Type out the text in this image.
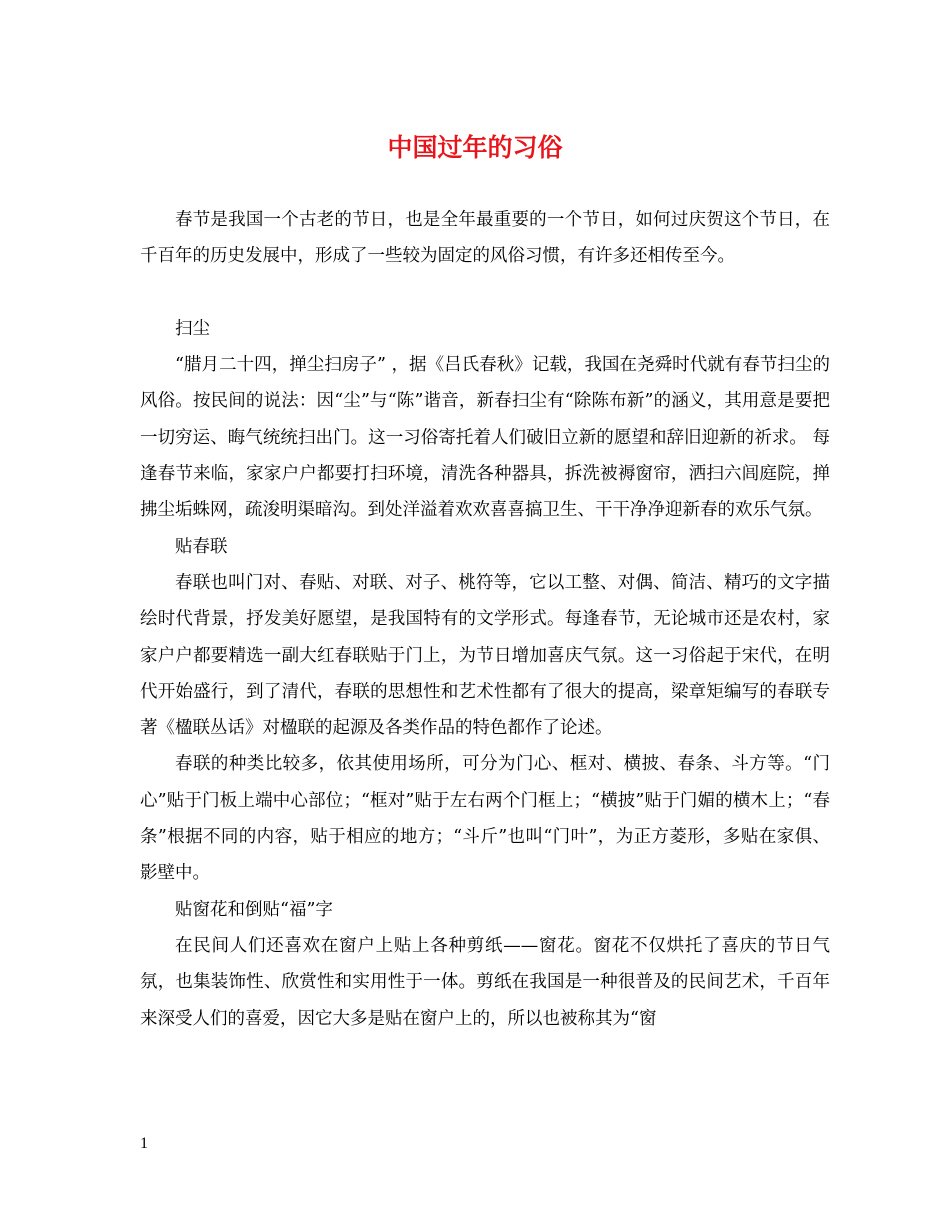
中国过年的习俗

春节是我国一个古老的节日，也是全年最重要的一个节日，如何过庆贺这个节日，在千百年的历史发展中，形成了一些较为固定的风俗习惯，有许多还相传至今。

扫尘

“腊月二十四，掸尘扫房子” ，据《吕氏春秋》记载，我国在尧舜时代就有春节扫尘的风俗。按民间的说法：因“尘”与“陈”谐音，新春扫尘有“除陈布新”的涵义，其用意是要把一切穷运、晦气统统扫出门。这一习俗寄托着人们破旧立新的愿望和辞旧迎新的祈求。 每逢春节来临，家家户户都要打扫环境，清洗各种器具，拆洗被褥窗帘，洒扫六闾庭院，掸拂尘垢蛛网，疏浚明渠暗沟。到处洋溢着欢欢喜喜搞卫生、干干净净迎新春的欢乐气氛。

贴春联

春联也叫门对、春贴、对联、对子、桃符等，它以工整、对偶、简洁、精巧的文字描绘时代背景，抒发美好愿望，是我国特有的文学形式。每逢春节，无论城市还是农村，家家户户都要精选一副大红春联贴于门上，为节日增加喜庆气氛。这一习俗起于宋代，在明代开始盛行，到了清代，春联的思想性和艺术性都有了很大的提高，梁章矩编写的春联专著《楹联丛话》对楹联的起源及各类作品的特色都作了论述。

春联的种类比较多，依其使用场所，可分为门心、框对、横披、春条、斗方等。“门心”贴于门板上端中心部位；“框对”贴于左右两个门框上；“横披”贴于门媚的横木上；“春条”根据不同的内容，贴于相应的地方；“斗斤”也叫“门叶”，为正方菱形，多贴在家俱、影壁中。

贴窗花和倒贴“福”字

在民间人们还喜欢在窗户上贴上各种剪纸——窗花。窗花不仅烘托了喜庆的节日气氛，也集装饰性、欣赏性和实用性于一体。剪纸在我国是一种很普及的民间艺术，千百年来深受人们的喜爱，因它大多是贴在窗户上的，所以也被称其为“窗

1
